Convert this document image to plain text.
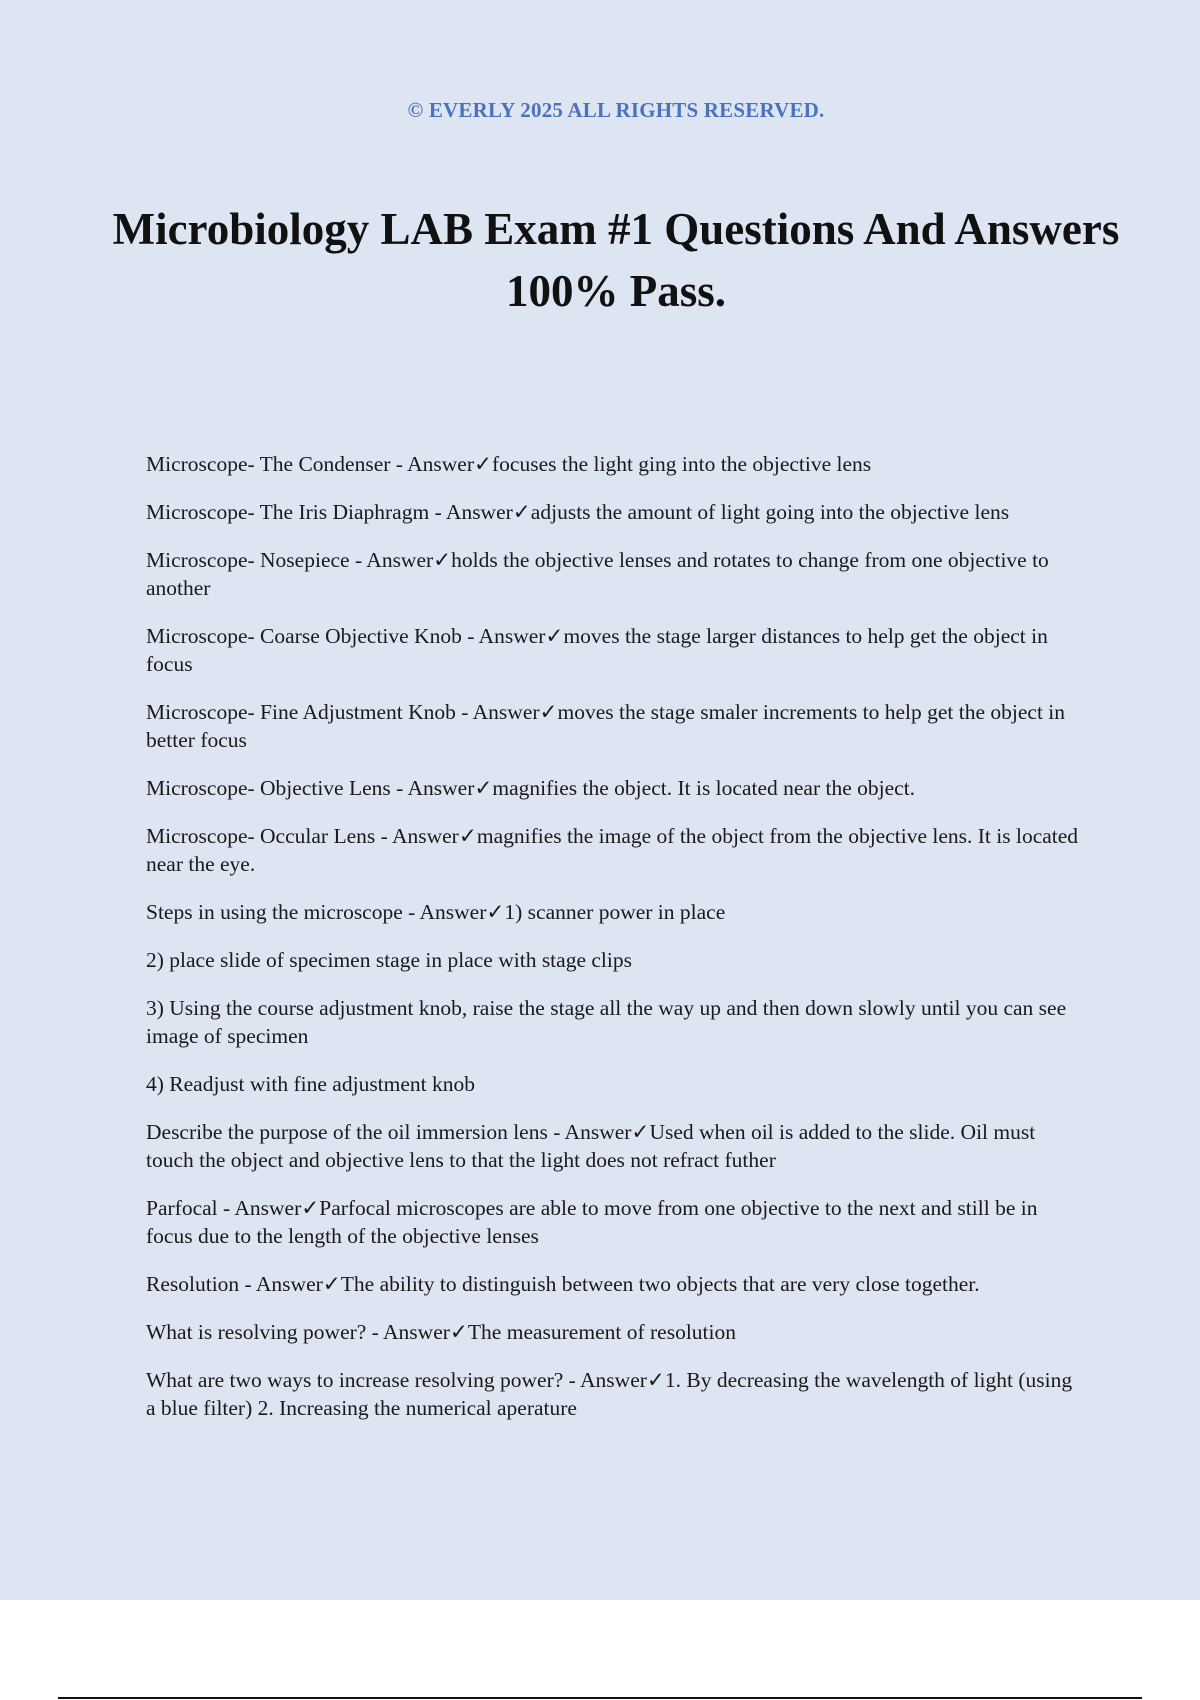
© EVERLY 2025 ALL RIGHTS RESERVED.
Microbiology LAB Exam #1 Questions And Answers 100% Pass.

Microscope- The Condenser - Answer✓focuses the light ging into the objective lens

Microscope- The Iris Diaphragm - Answer✓adjusts the amount of light going into the objective lens

Microscope- Nosepiece - Answer✓holds the objective lenses and rotates to change from one objective to another

Microscope- Coarse Objective Knob - Answer✓moves the stage larger distances to help get the object in focus

Microscope- Fine Adjustment Knob - Answer✓moves the stage smaler increments to help get the object in better focus

Microscope- Objective Lens - Answer✓magnifies the object. It is located near the object.

Microscope- Occular Lens - Answer✓magnifies the image of the object from the objective lens. It is located near the eye.

Steps in using the microscope - Answer✓1) scanner power in place

2) place slide of specimen stage in place with stage clips

3) Using the course adjustment knob, raise the stage all the way up and then down slowly until you can see image of specimen

4) Readjust with fine adjustment knob

Describe the purpose of the oil immersion lens - Answer✓Used when oil is added to the slide. Oil must touch the object and objective lens to that the light does not refract futher

Parfocal - Answer✓Parfocal microscopes are able to move from one objective to the next and still be in focus due to the length of the objective lenses

Resolution - Answer✓The ability to distinguish between two objects that are very close together.

What is resolving power? - Answer✓The measurement of resolution

What are two ways to increase resolving power? - Answer✓1. By decreasing the wavelength of light (using a blue filter) 2. Increasing the numerical aperature
